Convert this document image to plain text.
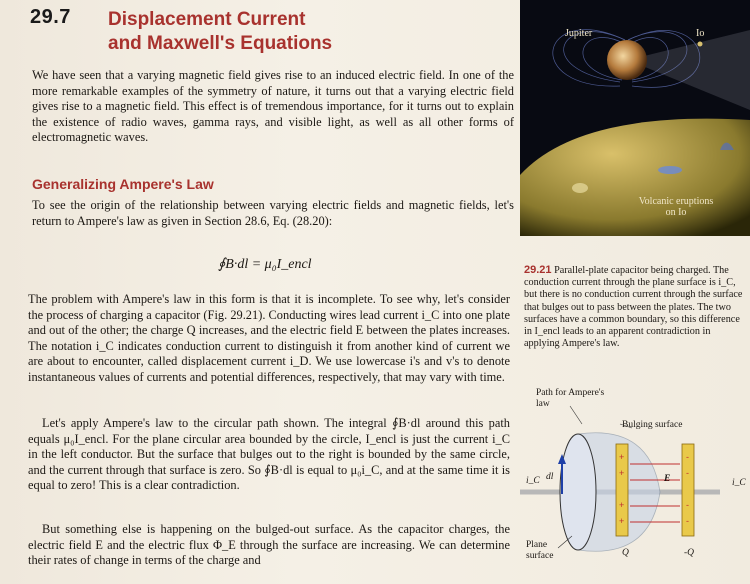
29.7 Displacement Current
and Maxwell's Equations

We have seen that a varying magnetic field gives rise to an induced electric field. In one of the more remarkable examples of the symmetry of nature, it turns out that a varying electric field gives rise to a magnetic field. This effect is of tremendous importance, for it turns out to explain the existence of radio waves, gamma rays, and visible light, as well as all other forms of electromagnetic waves.

Generalizing Ampere's Law

To see the origin of the relationship between varying electric fields and magnetic fields, let's return to Ampere's law as given in Section 28.6, Eq. (28.20):

∮B·dl = μ₀I_encl

The problem with Ampere's law in this form is that it is incomplete. To see why, let's consider the process of charging a capacitor (Fig. 29.21). Conducting wires lead current i_C into one plate and out of the other; the charge Q increases, and the electric field E between the plates increases. The notation i_C indicates conduction current to distinguish it from another kind of current we are about to encounter, called displacement current i_D. We use lowercase i's and v's to denote instantaneous values of currents and potential differences, respectively, that may vary with time.

Let's apply Ampere's law to the circular path shown. The integral ∮B·dl around this path equals μ₀I_encl. For the plane circular area bounded by the circle, I_encl is just the current i_C in the left conductor. But the surface that bulges out to the right is bounded by the same circle, and the current through that surface is zero. So ∮B·dl is equal to μ₀i_C, and at the same time it is equal to zero! This is a clear contradiction.

But something else is happening on the bulged-out surface. As the capacitor charges, the electric field E and the electric flux Φ_E through the surface are increasing. We can determine their rates of change in terms of the charge and

Jupiter	Io
Volcanic eruptions on Io

29.21 Parallel-plate capacitor being charged. The conduction current through the plane surface is i_C, but there is no conduction current through the surface that bulges out to pass between the plates. The two surfaces have a common boundary, so this difference in I_encl leads to an apparent contradiction in applying Ampere's law.

+
+
+
+
-
-
-
-
Path for Ampere's law
Bulging surface
Plane surface
i_C	i_C
dl	E
Q	-Q
